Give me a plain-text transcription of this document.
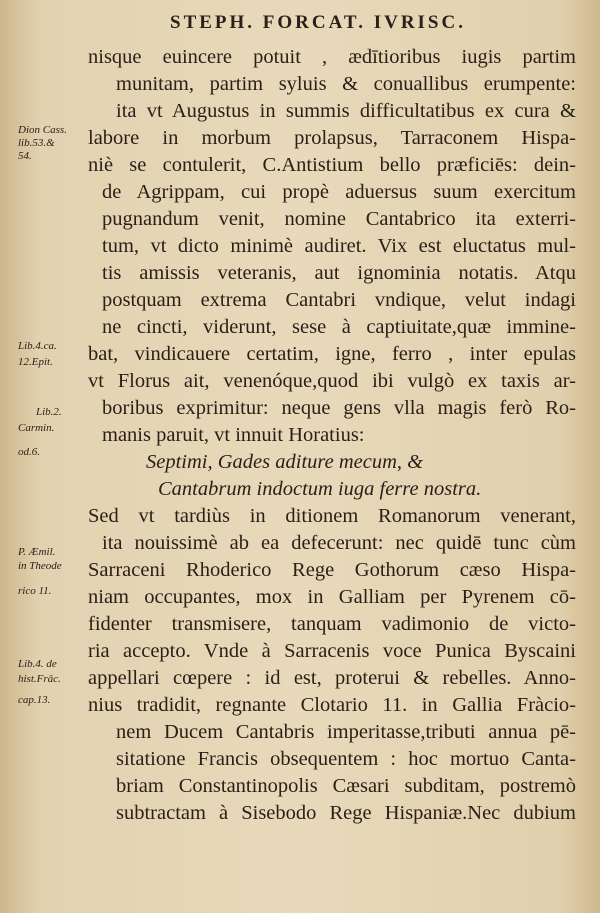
STEPH. FORCAT. IVRISC.
nisque euincere potuit , ædītioribus iugis partim
munitam, partim syluis & conuallibus erumpente:
ita vt Augustus in summis difficultatibus ex cura &
labore in morbum prolapsus, Tarraconem Hispa-
niè se contulerit, C.Antistium bello præficiēs: dein-
de Agrippam, cui propè aduersus suum exercitum
pugnandum venit, nomine Cantabrico ita exterri-
tum, vt dicto minimè audiret. Vix est eluctatus mul-
tis amissis veteranis, aut ignominia notatis. Atqu
postquam extrema Cantabri vndique, velut indagi
ne cincti, viderunt, sese à captiuitate,quæ immine-
bat, vindicauere certatim, igne, ferro , inter epulas
vt Florus ait, venenóque,quod ibi vulgò ex taxis ar-
boribus exprimitur: neque gens vlla magis ferò Ro-
manis paruit, vt innuit Horatius:
Septimi, Gades aditure mecum, &
Cantabrum indoctum iuga ferre nostra.
Sed vt tardiùs in ditionem Romanorum venerant,
ita nouissimè ab ea defecerunt: nec quidē tunc cùm
Sarraceni Rhoderico Rege Gothorum cæso Hispa-
niam occupantes, mox in Galliam per Pyrenem cō-
fidenter transmisere, tanquam vadimonio de victo-
ria accepto. Vnde à Sarracenis voce Punica Byscaini
appellari cœpere : id est, proterui & rebelles. Anno-
nius tradidit, regnante Clotario 11. in Gallia Fràcio-
nem Ducem Cantabris imperitasse,tributi annua pē-
sitatione Francis obsequentem : hoc mortuo Canta-
briam Constantinopolis Cæsari subditam, postremò
subtractam à Sisebodo Rege Hispaniæ.Nec dubium
Dion Cass.
lib.53.&
54.
Lib.4.ca.
12.Epit.
Lib.2.
Carmin.
od.6.
P. Æmil.
in Theode
rico 11.
Lib.4. de
hist.Frāc.
cap.13.
